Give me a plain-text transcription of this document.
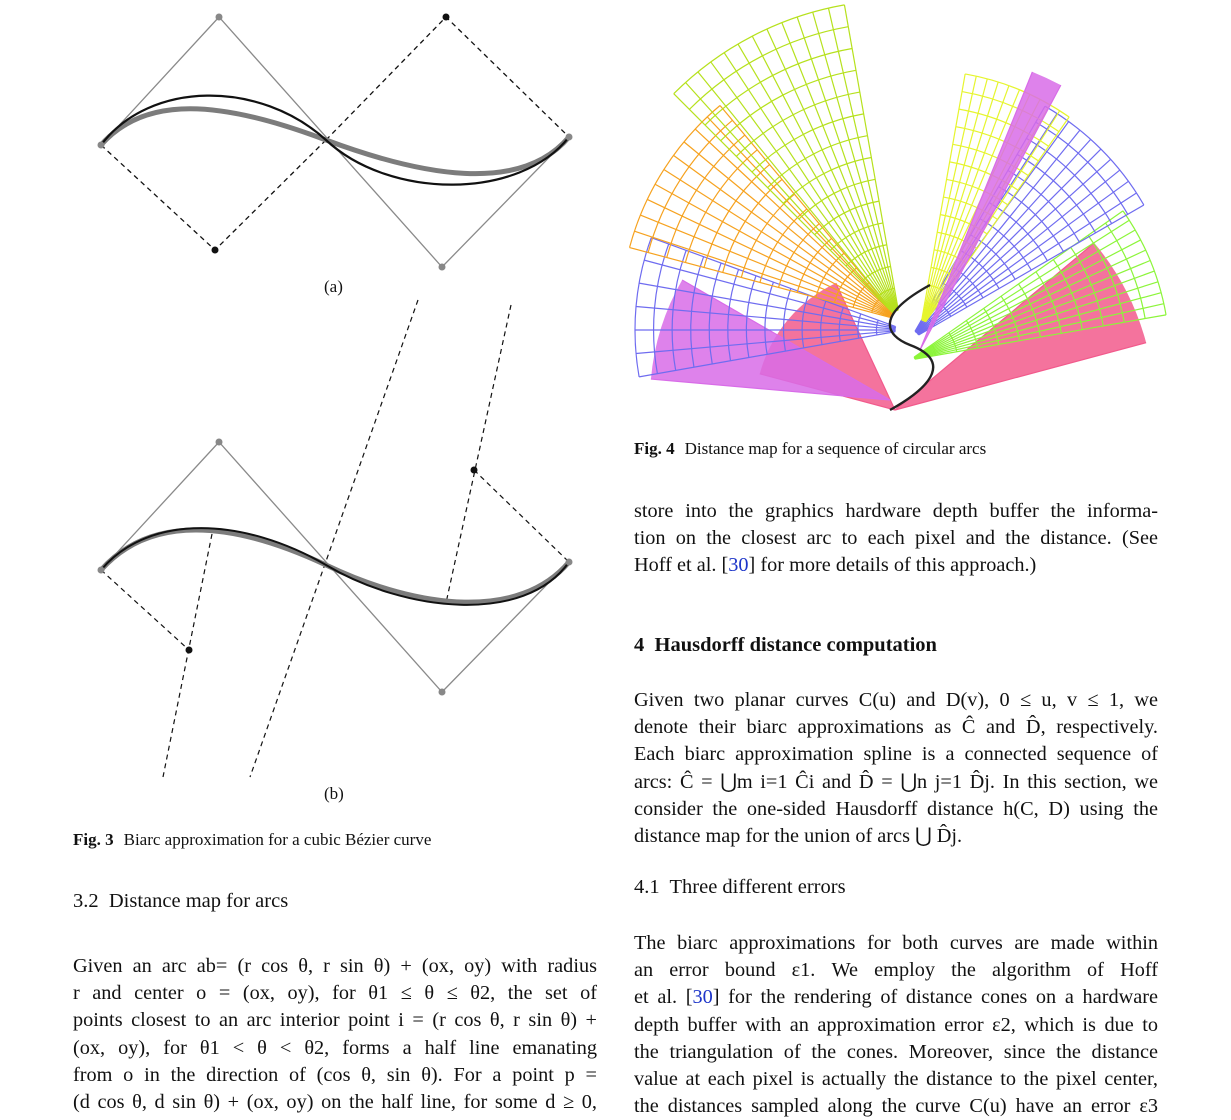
(a)
(b)
Fig. 3 Biarc approximation for a cubic Bézier curve
Fig. 4 Distance map for a sequence of circular arcs
3.2  Distance map for arcs

Given an arc ab= (r cos θ, r sin θ) + (ox, oy) with radius

r and center o = (ox, oy), for θ1 ≤ θ ≤ θ2, the set of

points closest to an arc interior point i = (r cos θ, r sin θ) +

(ox, oy), for θ1 < θ < θ2, forms a half line emanating

from o in the direction of (cos θ, sin θ). For a point p =

(d cos θ, d sin θ) + (ox, oy) on the half line, for some d ≥ 0,

store into the graphics hardware depth buffer the informa-

tion on the closest arc to each pixel and the distance. (See

Hoff et al. [30] for more details of this approach.)

4  Hausdorff distance computation

Given two planar curves C(u) and D(v), 0 ≤ u, v ≤ 1, we

denote their biarc approximations as Ĉ and D̂, respectively.

Each biarc approximation spline is a connected sequence of

arcs: Ĉ = ⋃m i=1 Ĉi and D̂ = ⋃n j=1 D̂j. In this section, we

consider the one-sided Hausdorff distance h(C, D) using the

distance map for the union of arcs ⋃ D̂j.

4.1  Three different errors

The biarc approximations for both curves are made within

an error bound ε1. We employ the algorithm of Hoff

et al. [30] for the rendering of distance cones on a hardware

depth buffer with an approximation error ε2, which is due to

the triangulation of the cones. Moreover, since the distance

value at each pixel is actually the distance to the pixel center,

the distances sampled along the curve C(u) have an error ε3
